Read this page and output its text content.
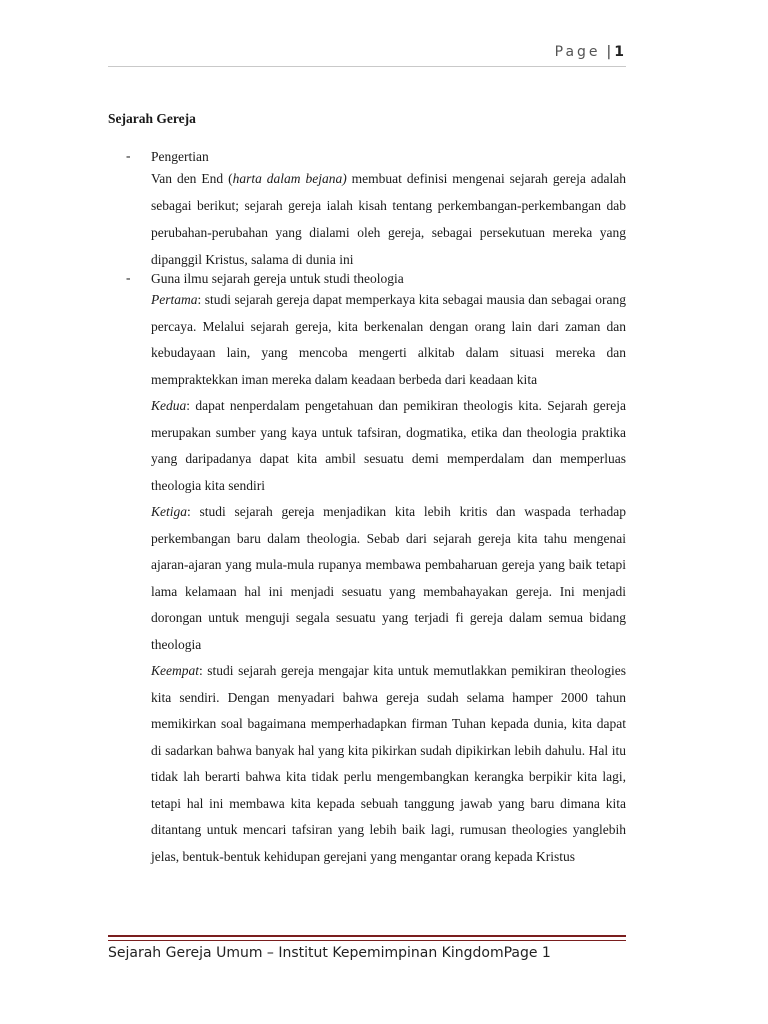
Page | 1
Sejarah Gereja
- Pengertian

Van den End (harta dalam bejana) membuat definisi mengenai sejarah gereja adalah sebagai berikut; sejarah gereja ialah kisah tentang perkembangan-perkembangan dab perubahan-perubahan yang dialami oleh gereja, sebagai persekutuan mereka yang dipanggil Kristus, salama di dunia ini

- Guna ilmu sejarah gereja untuk studi theologia

Pertama: studi sejarah gereja dapat memperkaya kita sebagai mausia dan sebagai orang percaya. Melalui sejarah gereja, kita berkenalan dengan orang lain dari zaman dan kebudayaan lain, yang mencoba mengerti alkitab dalam situasi mereka dan mempraktekkan iman mereka dalam keadaan berbeda dari keadaan kita

Kedua: dapat nenperdalam pengetahuan dan pemikiran theologis kita. Sejarah gereja merupakan sumber yang kaya untuk tafsiran, dogmatika, etika dan theologia praktika yang daripadanya dapat kita ambil sesuatu demi memperdalam dan memperluas theologia kita sendiri

Ketiga: studi sejarah gereja menjadikan kita lebih kritis dan waspada terhadap perkembangan baru dalam theologia. Sebab dari sejarah gereja kita tahu mengenai ajaran-ajaran yang mula-mula rupanya membawa pembaharuan gereja yang baik tetapi lama kelamaan hal ini menjadi sesuatu yang membahayakan gereja. Ini menjadi dorongan untuk menguji segala sesuatu yang terjadi fi gereja dalam semua bidang theologia

Keempat: studi sejarah gereja mengajar kita untuk memutlakkan pemikiran theologies kita sendiri. Dengan menyadari bahwa gereja sudah selama hamper 2000 tahun memikirkan soal bagaimana memperhadapkan firman Tuhan kepada dunia, kita dapat di sadarkan bahwa banyak hal yang kita pikirkan sudah dipikirkan lebih dahulu. Hal itu tidak lah berarti bahwa kita tidak perlu mengembangkan kerangka berpikir kita lagi, tetapi hal ini membawa kita kepada sebuah tanggung jawab yang baru dimana kita ditantang untuk mencari tafsiran yang lebih baik lagi, rumusan theologies yanglebih jelas, bentuk-bentuk kehidupan gerejani yang mengantar orang kepada Kristus

Sejarah Gereja Umum – Institut Kepemimpinan KingdomPage 1
